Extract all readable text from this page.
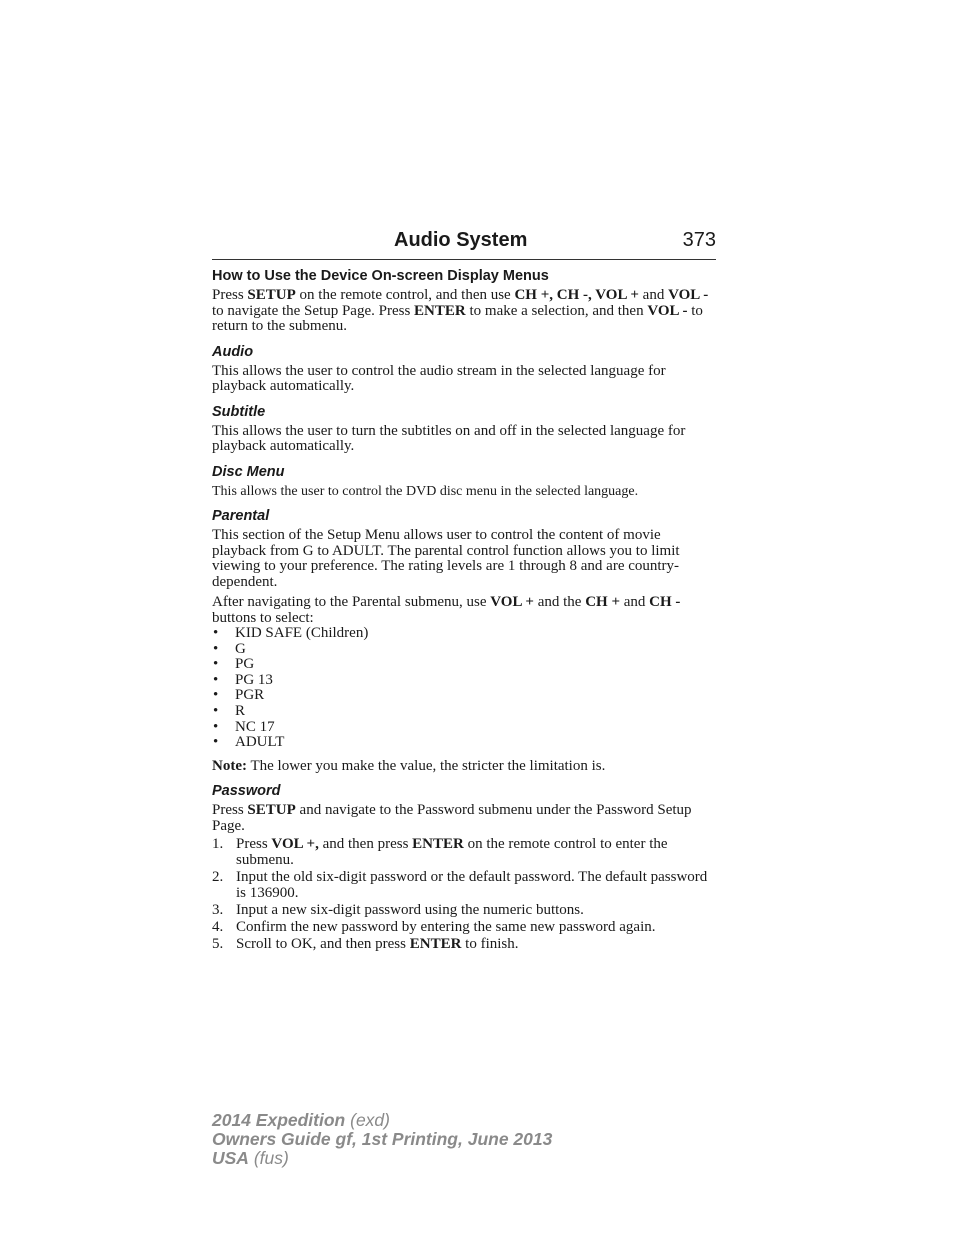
Audio System	373
How to Use the Device On-screen Display Menus

Press SETUP on the remote control, and then use CH +, CH -, VOL + and VOL - to navigate the Setup Page. Press ENTER to make a selection, and then VOL - to return to the submenu.

Audio

This allows the user to control the audio stream in the selected language for playback automatically.

Subtitle

This allows the user to turn the subtitles on and off in the selected language for playback automatically.

Disc Menu

This allows the user to control the DVD disc menu in the selected language.

Parental

This section of the Setup Menu allows user to control the content of movie playback from G to ADULT. The parental control function allows you to limit viewing to your preference. The rating levels are 1 through 8 and are country-dependent.

After navigating to the Parental submenu, use VOL + and the CH + and CH - buttons to select:

• KID SAFE (Children)
• G
• PG
• PG 13
• PGR
• R
• NC 17
• ADULT

Note: The lower you make the value, the stricter the limitation is.

Password

Press SETUP and navigate to the Password submenu under the Password Setup Page.

1. Press VOL +, and then press ENTER on the remote control to enter the submenu.
2. Input the old six-digit password or the default password. The default password is 136900.
3. Input a new six-digit password using the numeric buttons.
4. Confirm the new password by entering the same new password again.
5. Scroll to OK, and then press ENTER to finish.
2014 Expedition (exd)
Owners Guide gf, 1st Printing, June 2013
USA (fus)
